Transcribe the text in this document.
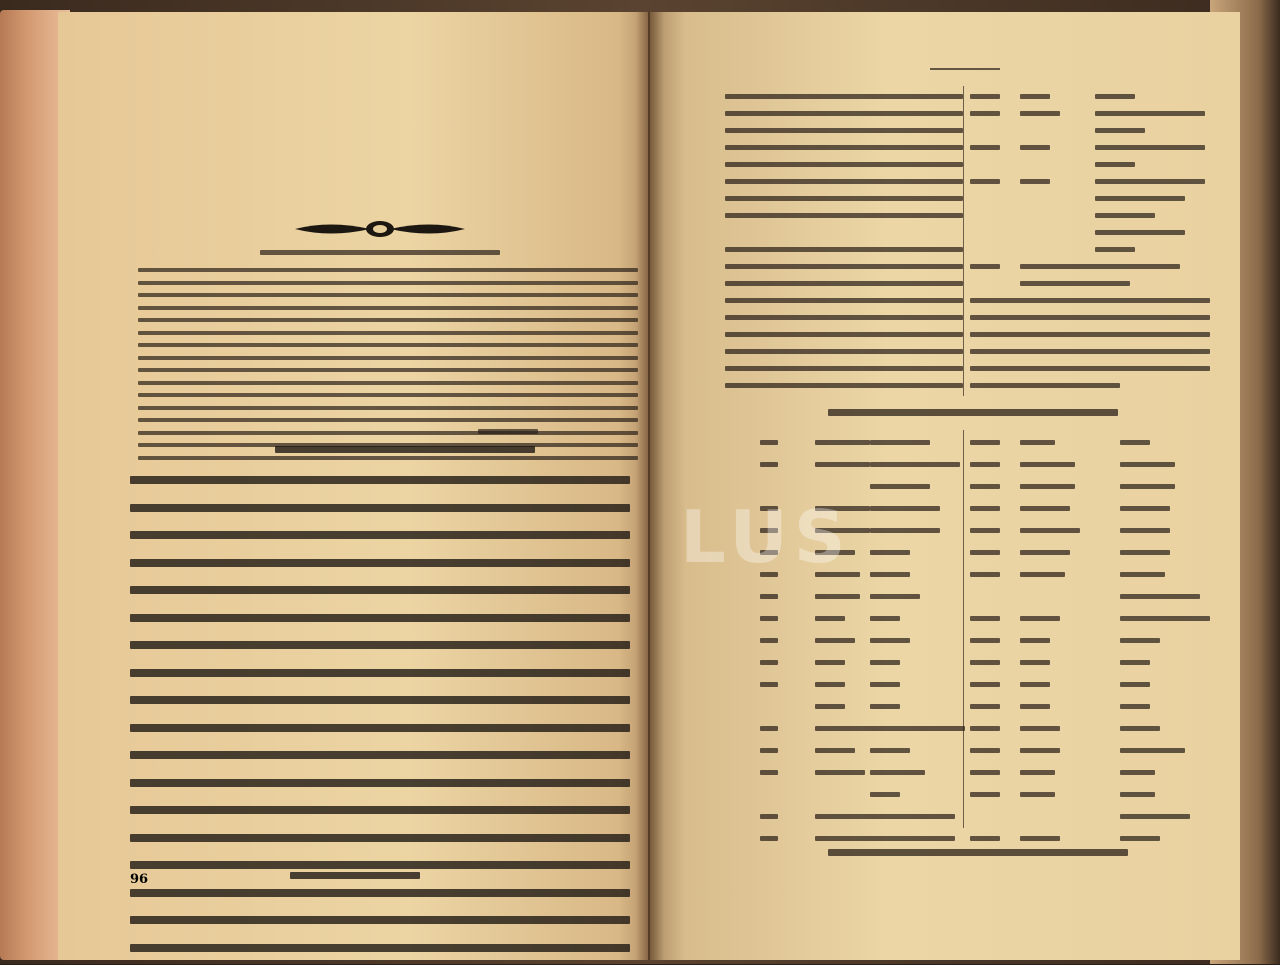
96
LUS
